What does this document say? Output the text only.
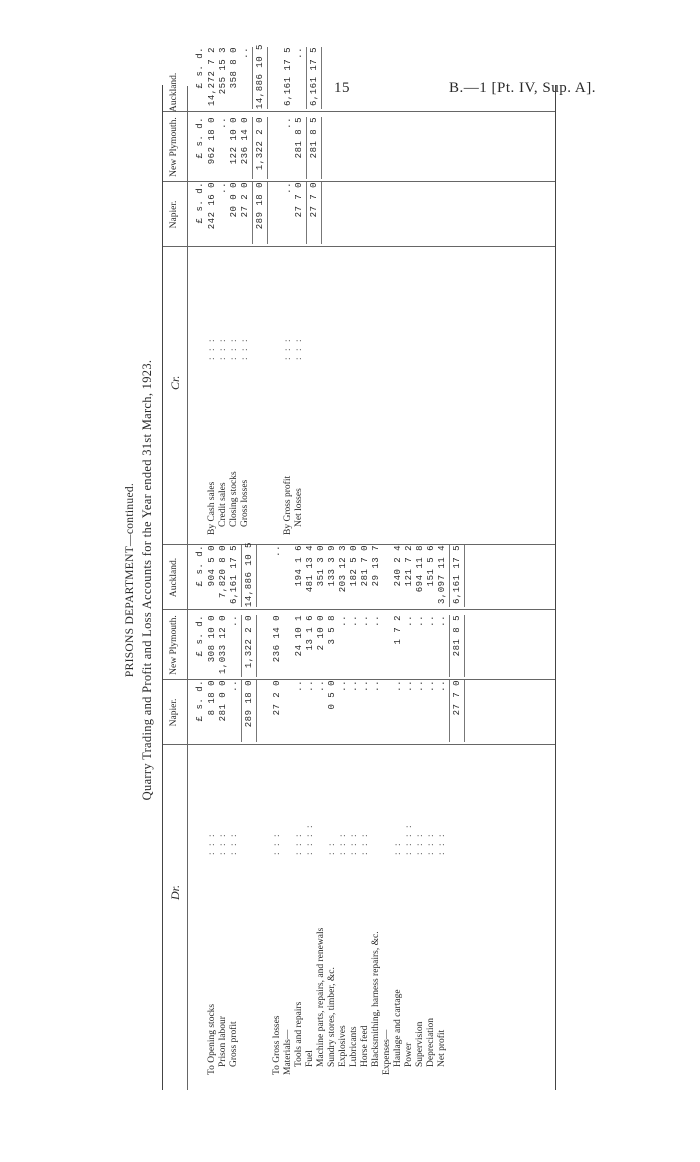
15	B.—1 [Pt. IV, Sup. A].
PRISONS DEPARTMENT—continued. Quarry Trading and Profit and Loss Accounts for the Year ended 31st March, 1923.
Dr.
Cr.
Napier.
New Plymouth.
Auckland.
Napier.
New Plymouth.
Auckland.
£ s. d.
£ s. d.
£ s. d.
To Opening stocks
: : :
8 18 0
308 10 0
904 5 0
Prison labour
: : :
281 0 0
1,033 12 0
7,820 8 0
Gross profit
: : :
..
..
6,161 17 5
289 18 0
1,322 2 0
14,886 10 5
To Gross losses
: : :
27 2 0
236 14 0
..
Materials— Tools and repairs
: : :
..
24 10 1
194 1 6
Fuel
: : : :
..
13 1 6
481 13 4
Machine parts, repairs, and renewals
..
2 10 0
351 3 0
Sundry stores, timber, &c.
: :
0 5 0
3 5 8
133 3 9
Explosives
: : :
..
..
203 12 3
Lubricants
: : :
..
..
182 5 0
Horse feed
: : :
..
..
281 7 0
Blacksmithing, harness repairs, &c.
..
..
29 13 7
Expenses— Haulage and cartage
: :
..
1 7 2
240 2 4
Power
: : : :
..
..
121 7 2
Supervision
: : :
..
..
694 11 8
Depreciation
: : :
..
..
151 5 6
Net profit
: : :
..
..
3,097 11 4
27 7 0
281 8 5
6,161 17 5
£ s. d.
£ s. d.
£ s. d.
By Cash sales
: : :
242 16 0
962 18 0
14,272 7 2
Credit sales
: : :
..
..
255 15 3
Closing stocks
: : :
20 0 0
122 10 0
358 8 0
Gross losses
: : :
27 2 0
236 14 0
..
289 18 0
1,322 2 0
14,886 10 5
By Gross profit
: : :
..
..
6,161 17 5
Net losses
: : :
27 7 0
281 8 5
..
27 7 0
281 8 5
6,161 17 5
